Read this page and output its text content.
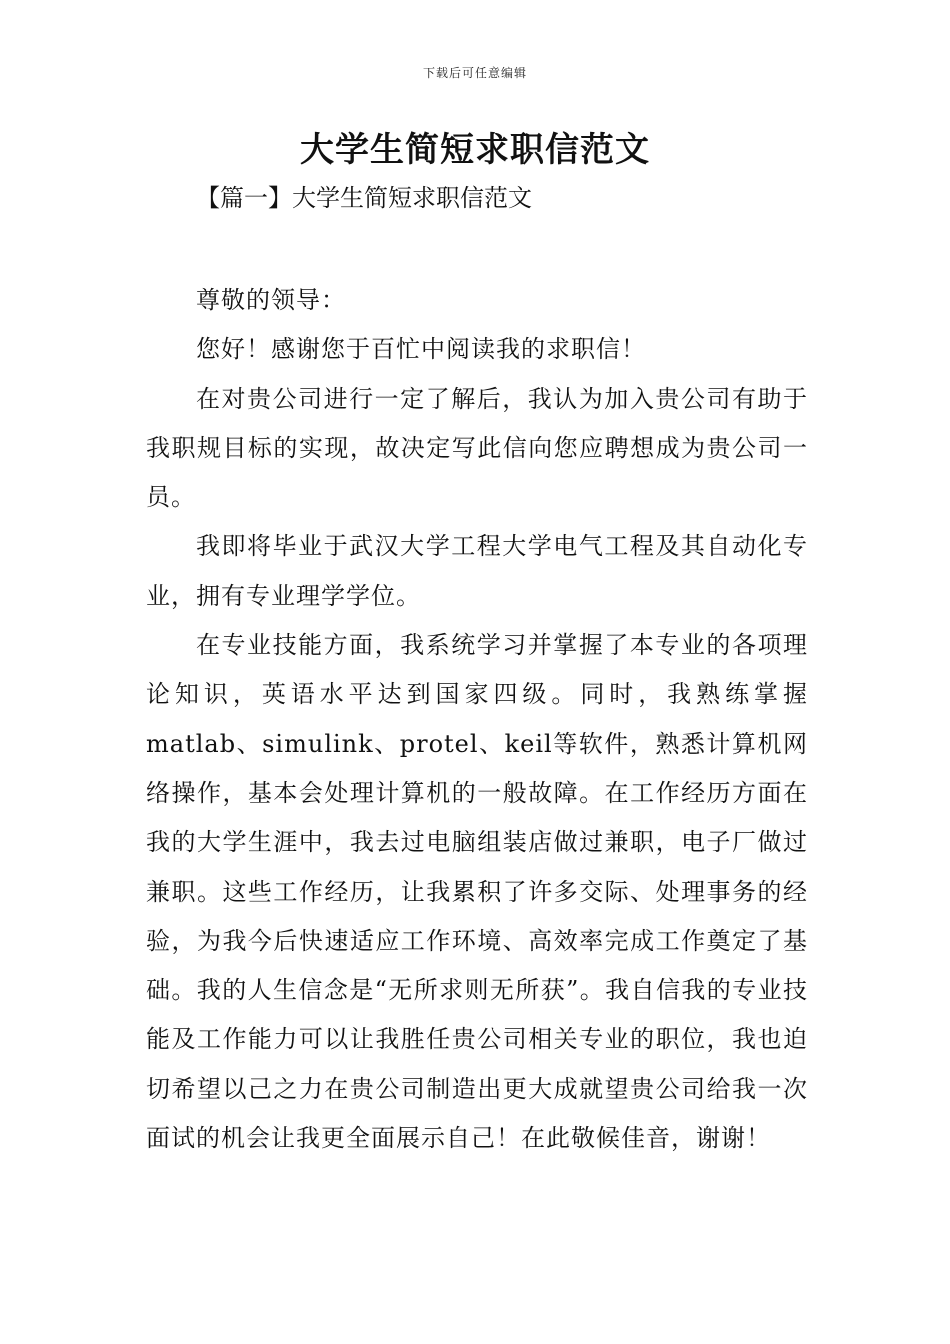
下载后可任意编辑
大学生简短求职信范文
【篇一】大学生简短求职信范文

尊敬的领导：

您好！感谢您于百忙中阅读我的求职信！

在对贵公司进行一定了解后，我认为加入贵公司有助于我职规目标的实现，故决定写此信向您应聘想成为贵公司一员。

我即将毕业于武汉大学工程大学电气工程及其自动化专业，拥有专业理学学位。

在专业技能方面，我系统学习并掌握了本专业的各项理论知识，英语水平达到国家四级。同时，我熟练掌握matlab、simulink、protel、keil等软件，熟悉计算机网络操作，基本会处理计算机的一般故障。在工作经历方面在我的大学生涯中，我去过电脑组装店做过兼职，电子厂做过兼职。这些工作经历，让我累积了许多交际、处理事务的经验，为我今后快速适应工作环境、高效率完成工作奠定了基础。我的人生信念是“无所求则无所获”。我自信我的专业技能及工作能力可以让我胜任贵公司相关专业的职位，我也迫切希望以己之力在贵公司制造出更大成就望贵公司给我一次面试的机会让我更全面展示自己！在此敬候佳音，谢谢！
